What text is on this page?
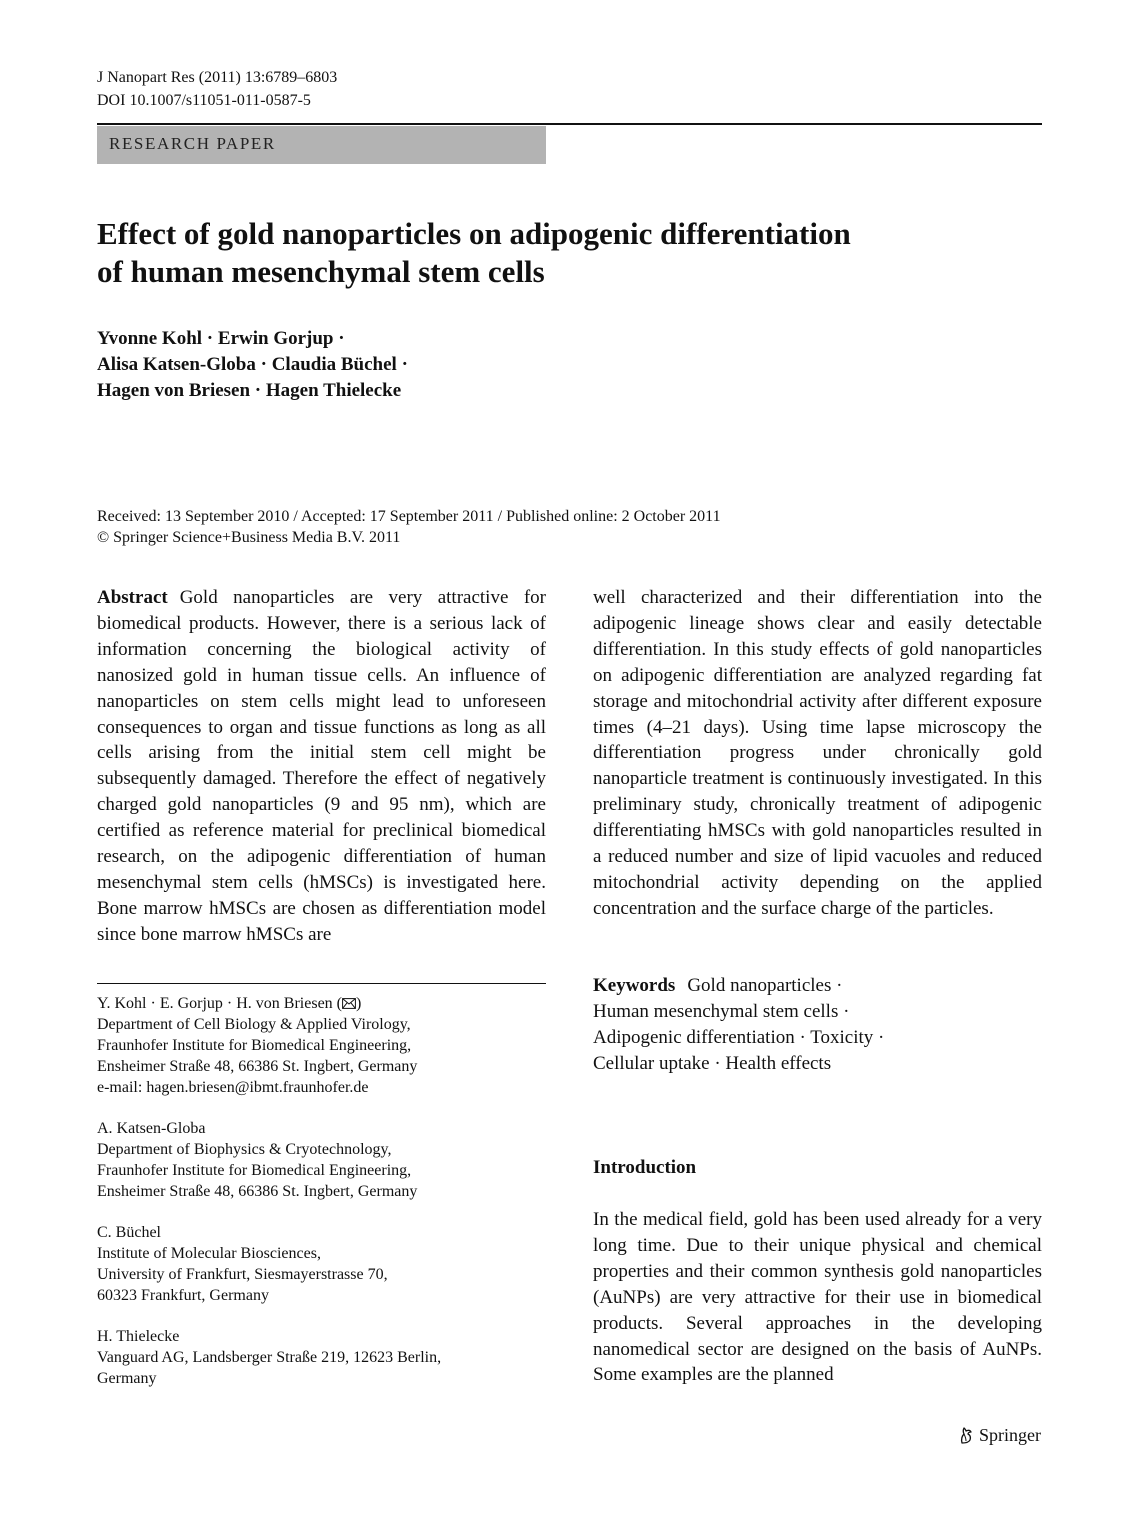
J Nanopart Res (2011) 13:6789–6803
DOI 10.1007/s11051-011-0587-5
RESEARCH PAPER
Effect of gold nanoparticles on adipogenic differentiation
of human mesenchymal stem cells
Yvonne Kohl · Erwin Gorjup ·
Alisa Katsen-Globa · Claudia Büchel ·
Hagen von Briesen · Hagen Thielecke
Received: 13 September 2010 / Accepted: 17 September 2011 / Published online: 2 October 2011
© Springer Science+Business Media B.V. 2011
Abstract Gold nanoparticles are very attractive for biomedical products. However, there is a serious lack of information concerning the biological activity of nanosized gold in human tissue cells. An influence of nanoparticles on stem cells might lead to unforeseen consequences to organ and tissue functions as long as all cells arising from the initial stem cell might be subsequently damaged. Therefore the effect of negatively charged gold nanoparticles (9 and 95 nm), which are certified as reference material for preclinical biomedical research, on the adipogenic differentiation of human mesenchymal stem cells (hMSCs) is investigated here. Bone marrow hMSCs are chosen as differentiation model since bone marrow hMSCs are
well characterized and their differentiation into the adipogenic lineage shows clear and easily detectable differentiation. In this study effects of gold nanoparticles on adipogenic differentiation are analyzed regarding fat storage and mitochondrial activity after different exposure times (4–21 days). Using time lapse microscopy the differentiation progress under chronically gold nanoparticle treatment is continuously investigated. In this preliminary study, chronically treatment of adipogenic differentiating hMSCs with gold nanoparticles resulted in a reduced number and size of lipid vacuoles and reduced mitochondrial activity depending on the applied concentration and the surface charge of the particles.
Y. Kohl · E. Gorjup · H. von Briesen ( )
Department of Cell Biology & Applied Virology,
Fraunhofer Institute for Biomedical Engineering,
Ensheimer Straße 48, 66386 St. Ingbert, Germany
e-mail: hagen.briesen@ibmt.fraunhofer.de
A. Katsen-Globa
Department of Biophysics & Cryotechnology,
Fraunhofer Institute for Biomedical Engineering,
Ensheimer Straße 48, 66386 St. Ingbert, Germany
C. Büchel
Institute of Molecular Biosciences,
University of Frankfurt, Siesmayerstrasse 70,
60323 Frankfurt, Germany
H. Thielecke
Vanguard AG, Landsberger Straße 219, 12623 Berlin,
Germany
Keywords Gold nanoparticles ·
Human mesenchymal stem cells ·
Adipogenic differentiation · Toxicity ·
Cellular uptake · Health effects
Introduction
In the medical field, gold has been used already for a very long time. Due to their unique physical and chemical properties and their common synthesis gold nanoparticles (AuNPs) are very attractive for their use in biomedical products. Several approaches in the developing nanomedical sector are designed on the basis of AuNPs. Some examples are the planned
Springer
